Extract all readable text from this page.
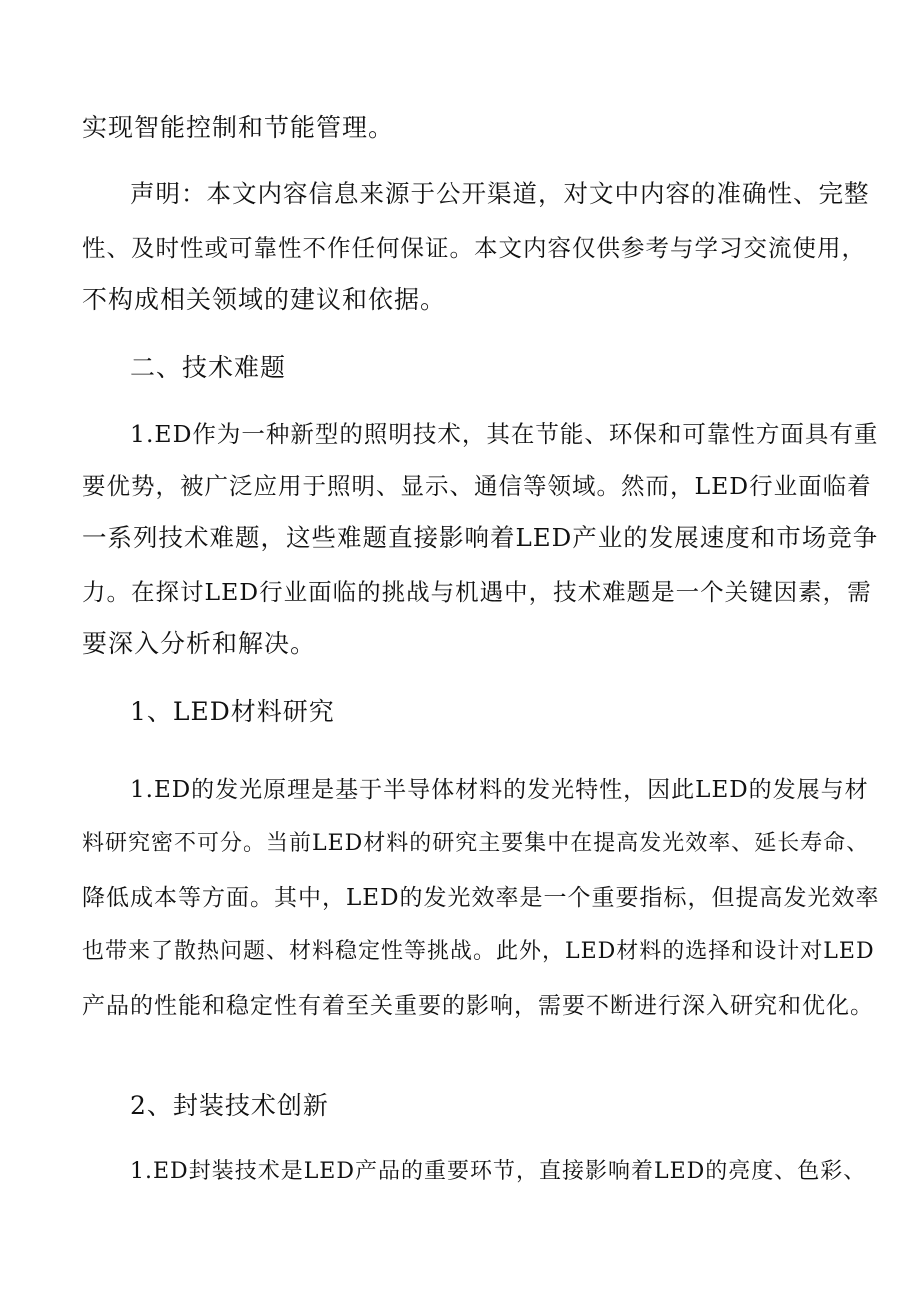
实现智能控制和节能管理。
声明：本文内容信息来源于公开渠道，对文中内容的准确性、完整
性、及时性或可靠性不作任何保证。本文内容仅供参考与学习交流使用，
不构成相关领域的建议和依据。
二、技术难题
1.ED作为一种新型的照明技术，其在节能、环保和可靠性方面具有重
要优势，被广泛应用于照明、显示、通信等领域。然而，LED行业面临着
一系列技术难题，这些难题直接影响着LED产业的发展速度和市场竞争
力。在探讨LED行业面临的挑战与机遇中，技术难题是一个关键因素，需
要深入分析和解决。
1、LED材料研究
1.ED的发光原理是基于半导体材料的发光特性，因此LED的发展与材
料研究密不可分。当前LED材料的研究主要集中在提高发光效率、延长寿命、
降低成本等方面。其中，LED的发光效率是一个重要指标，但提高发光效率
也带来了散热问题、材料稳定性等挑战。此外，LED材料的选择和设计对LED
产品的性能和稳定性有着至关重要的影响，需要不断进行深入研究和优化。
2、封装技术创新
1.ED封装技术是LED产品的重要环节，直接影响着LED的亮度、色彩、
